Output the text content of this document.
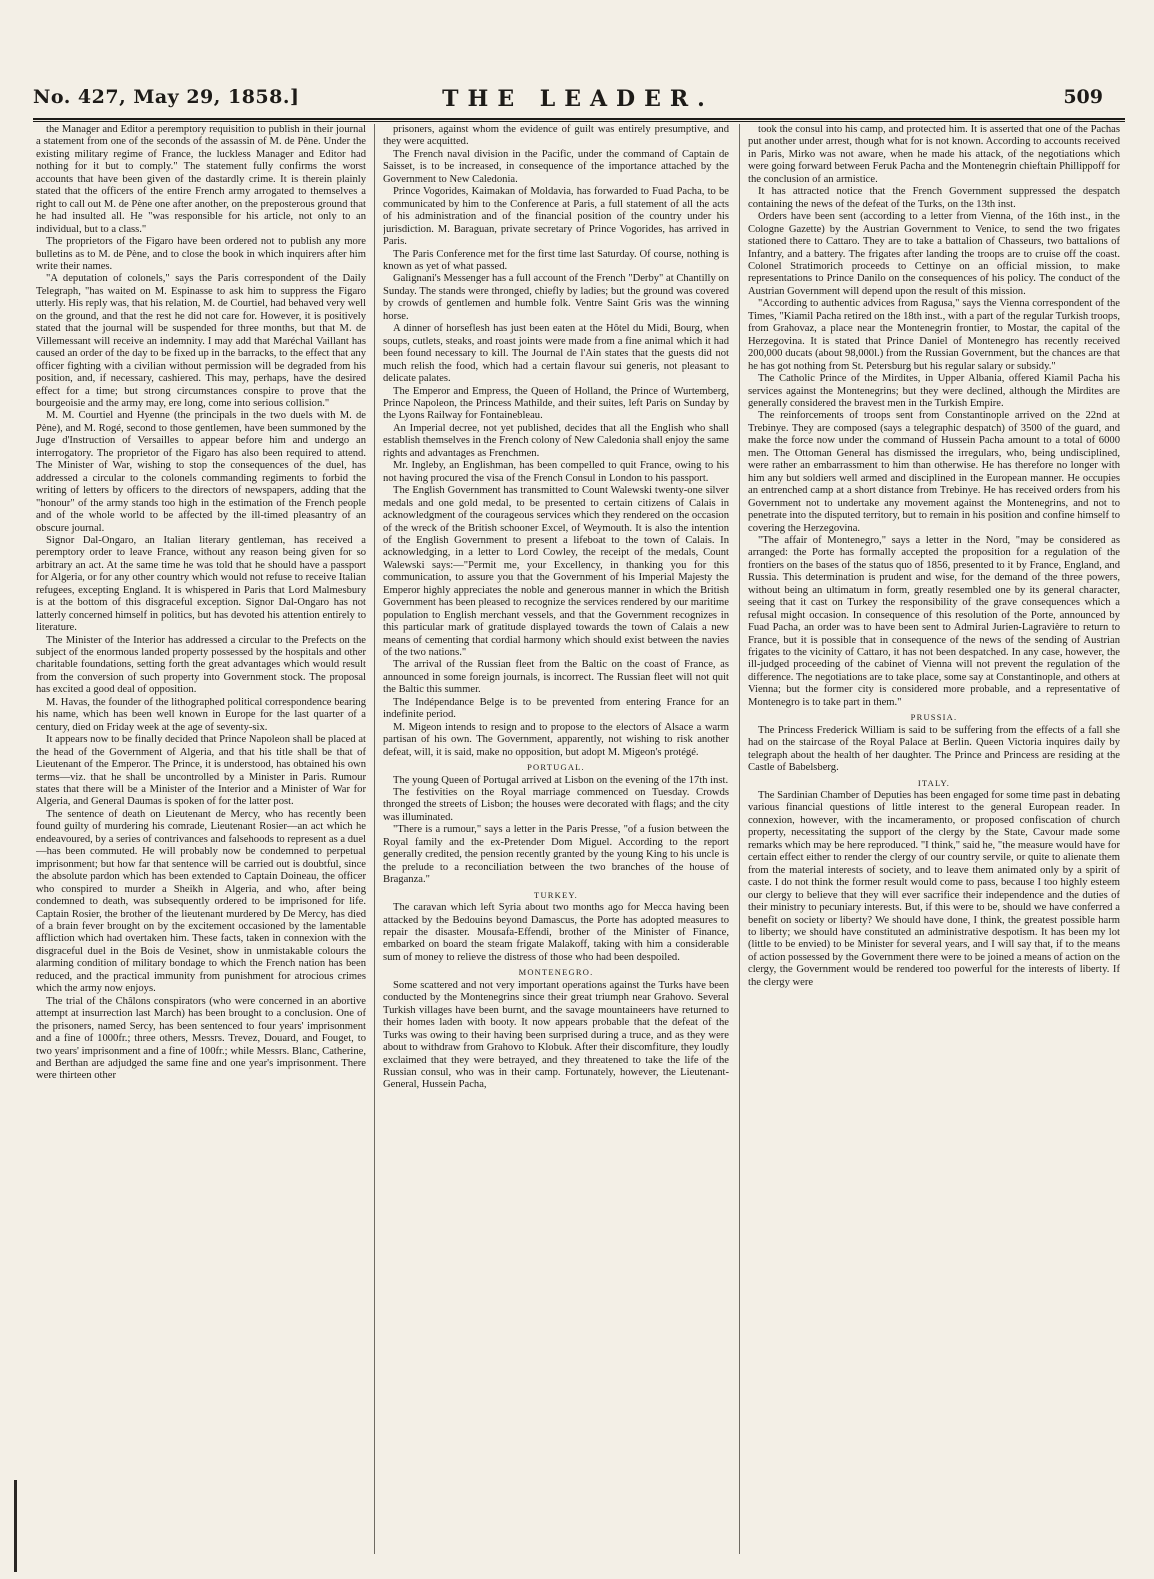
No. 427, May 29, 1858.]	THE LEADER.	509

the Manager and Editor a peremptory requisition to publish in their journal a statement from one of the seconds of the assassin of M. de Pène. Under the existing military regime of France, the luckless Manager and Editor had nothing for it but to comply." The statement fully confirms the worst accounts that have been given of the dastardly crime. It is therein plainly stated that the officers of the entire French army arrogated to themselves a right to call out M. de Pène one after another, on the preposterous ground that he had insulted all. He "was responsible for his article, not only to an individual, but to a class."

The proprietors of the Figaro have been ordered not to publish any more bulletins as to M. de Pène, and to close the book in which inquirers after him write their names.

"A deputation of colonels," says the Paris correspondent of the Daily Telegraph, "has waited on M. Espinasse to ask him to suppress the Figaro utterly. His reply was, that his relation, M. de Courtiel, had behaved very well on the ground, and that the rest he did not care for. However, it is positively stated that the journal will be suspended for three months, but that M. de Villemessant will receive an indemnity. I may add that Maréchal Vaillant has caused an order of the day to be fixed up in the barracks, to the effect that any officer fighting with a civilian without permission will be degraded from his position, and, if necessary, cashiered. This may, perhaps, have the desired effect for a time; but strong circumstances conspire to prove that the bourgeoisie and the army may, ere long, come into serious collision."

M. M. Courtiel and Hyenne (the principals in the two duels with M. de Pène), and M. Rogé, second to those gentlemen, have been summoned by the Juge d'Instruction of Versailles to appear before him and undergo an interrogatory. The proprietor of the Figaro has also been required to attend. The Minister of War, wishing to stop the consequences of the duel, has addressed a circular to the colonels commanding regiments to forbid the writing of letters by officers to the directors of newspapers, adding that the "honour" of the army stands too high in the estimation of the French people and of the whole world to be affected by the ill-timed pleasantry of an obscure journal.

Signor Dal-Ongaro, an Italian literary gentleman, has received a peremptory order to leave France, without any reason being given for so arbitrary an act. At the same time he was told that he should have a passport for Algeria, or for any other country which would not refuse to receive Italian refugees, excepting England. It is whispered in Paris that Lord Malmesbury is at the bottom of this disgraceful exception. Signor Dal-Ongaro has not latterly concerned himself in politics, but has devoted his attention entirely to literature.

The Minister of the Interior has addressed a circular to the Prefects on the subject of the enormous landed property possessed by the hospitals and other charitable foundations, setting forth the great advantages which would result from the conversion of such property into Government stock. The proposal has excited a good deal of opposition.

M. Havas, the founder of the lithographed political correspondence bearing his name, which has been well known in Europe for the last quarter of a century, died on Friday week at the age of seventy-six.

It appears now to be finally decided that Prince Napoleon shall be placed at the head of the Government of Algeria, and that his title shall be that of Lieutenant of the Emperor. The Prince, it is understood, has obtained his own terms—viz. that he shall be uncontrolled by a Minister in Paris. Rumour states that there will be a Minister of the Interior and a Minister of War for Algeria, and General Daumas is spoken of for the latter post.

The sentence of death on Lieutenant de Mercy, who has recently been found guilty of murdering his comrade, Lieutenant Rosier—an act which he endeavoured, by a series of contrivances and falsehoods to represent as a duel—has been commuted. He will probably now be condemned to perpetual imprisonment; but how far that sentence will be carried out is doubtful, since the absolute pardon which has been extended to Captain Doineau, the officer who conspired to murder a Sheikh in Algeria, and who, after being condemned to death, was subsequently ordered to be imprisoned for life. Captain Rosier, the brother of the lieutenant murdered by De Mercy, has died of a brain fever brought on by the excitement occasioned by the lamentable affliction which had overtaken him. These facts, taken in connexion with the disgraceful duel in the Bois de Vesinet, show in unmistakable colours the alarming condition of military bondage to which the French nation has been reduced, and the practical immunity from punishment for atrocious crimes which the army now enjoys.

The trial of the Châlons conspirators (who were concerned in an abortive attempt at insurrection last March) has been brought to a conclusion. One of the prisoners, named Sercy, has been sentenced to four years' imprisonment and a fine of 1000fr.; three others, Messrs. Trevez, Douard, and Fouget, to two years' imprisonment and a fine of 100fr.; while Messrs. Blanc, Catherine, and Berthan are adjudged the same fine and one year's imprisonment. There were thirteen other

prisoners, against whom the evidence of guilt was entirely presumptive, and they were acquitted.

The French naval division in the Pacific, under the command of Captain de Saisset, is to be increased, in consequence of the importance attached by the Government to New Caledonia.

Prince Vogorides, Kaimakan of Moldavia, has forwarded to Fuad Pacha, to be communicated by him to the Conference at Paris, a full statement of all the acts of his administration and of the financial position of the country under his jurisdiction. M. Baraguan, private secretary of Prince Vogorides, has arrived in Paris.

The Paris Conference met for the first time last Saturday. Of course, nothing is known as yet of what passed.

Galignani's Messenger has a full account of the French "Derby" at Chantilly on Sunday. The stands were thronged, chiefly by ladies; but the ground was covered by crowds of gentlemen and humble folk. Ventre Saint Gris was the winning horse.

A dinner of horseflesh has just been eaten at the Hôtel du Midi, Bourg, when soups, cutlets, steaks, and roast joints were made from a fine animal which it had been found necessary to kill. The Journal de l'Ain states that the guests did not much relish the food, which had a certain flavour sui generis, not pleasant to delicate palates.

The Emperor and Empress, the Queen of Holland, the Prince of Wurtemberg, Prince Napoleon, the Princess Mathilde, and their suites, left Paris on Sunday by the Lyons Railway for Fontainebleau.

An Imperial decree, not yet published, decides that all the English who shall establish themselves in the French colony of New Caledonia shall enjoy the same rights and advantages as Frenchmen.

Mr. Ingleby, an Englishman, has been compelled to quit France, owing to his not having procured the visa of the French Consul in London to his passport.

The English Government has transmitted to Count Walewski twenty-one silver medals and one gold medal, to be presented to certain citizens of Calais in acknowledgment of the courageous services which they rendered on the occasion of the wreck of the British schooner Excel, of Weymouth. It is also the intention of the English Government to present a lifeboat to the town of Calais. In acknowledging, in a letter to Lord Cowley, the receipt of the medals, Count Walewski says:—"Permit me, your Excellency, in thanking you for this communication, to assure you that the Government of his Imperial Majesty the Emperor highly appreciates the noble and generous manner in which the British Government has been pleased to recognize the services rendered by our maritime population to English merchant vessels, and that the Government recognizes in this particular mark of gratitude displayed towards the town of Calais a new means of cementing that cordial harmony which should exist between the navies of the two nations."

The arrival of the Russian fleet from the Baltic on the coast of France, as announced in some foreign journals, is incorrect. The Russian fleet will not quit the Baltic this summer.

The Indépendance Belge is to be prevented from entering France for an indefinite period.

M. Migeon intends to resign and to propose to the electors of Alsace a warm partisan of his own. The Government, apparently, not wishing to risk another defeat, will, it is said, make no opposition, but adopt M. Migeon's protégé.

PORTUGAL.

The young Queen of Portugal arrived at Lisbon on the evening of the 17th inst.

The festivities on the Royal marriage commenced on Tuesday. Crowds thronged the streets of Lisbon; the houses were decorated with flags; and the city was illuminated.

"There is a rumour," says a letter in the Paris Presse, "of a fusion between the Royal family and the ex-Pretender Dom Miguel. According to the report generally credited, the pension recently granted by the young King to his uncle is the prelude to a reconciliation between the two branches of the house of Braganza."

TURKEY.

The caravan which left Syria about two months ago for Mecca having been attacked by the Bedouins beyond Damascus, the Porte has adopted measures to repair the disaster. Mousafa-Effendi, brother of the Minister of Finance, embarked on board the steam frigate Malakoff, taking with him a considerable sum of money to relieve the distress of those who had been despoiled.

MONTENEGRO.

Some scattered and not very important operations against the Turks have been conducted by the Montenegrins since their great triumph near Grahovo. Several Turkish villages have been burnt, and the savage mountaineers have returned to their homes laden with booty. It now appears probable that the defeat of the Turks was owing to their having been surprised during a truce, and as they were about to withdraw from Grahovo to Klobuk. After their discomfiture, they loudly exclaimed that they were betrayed, and they threatened to take the life of the Russian consul, who was in their camp. Fortunately, however, the Lieutenant-General, Hussein Pacha,

took the consul into his camp, and protected him. It is asserted that one of the Pachas put another under arrest, though what for is not known. According to accounts received in Paris, Mirko was not aware, when he made his attack, of the negotiations which were going forward between Feruk Pacha and the Montenegrin chieftain Phillippoff for the conclusion of an armistice.

It has attracted notice that the French Government suppressed the despatch containing the news of the defeat of the Turks, on the 13th inst.

Orders have been sent (according to a letter from Vienna, of the 16th inst., in the Cologne Gazette) by the Austrian Government to Venice, to send the two frigates stationed there to Cattaro. They are to take a battalion of Chasseurs, two battalions of Infantry, and a battery. The frigates after landing the troops are to cruise off the coast. Colonel Stratimorich proceeds to Cettinye on an official mission, to make representations to Prince Danilo on the consequences of his policy. The conduct of the Austrian Government will depend upon the result of this mission.

"According to authentic advices from Ragusa," says the Vienna correspondent of the Times, "Kiamil Pacha retired on the 18th inst., with a part of the regular Turkish troops, from Grahovaz, a place near the Montenegrin frontier, to Mostar, the capital of the Herzegovina. It is stated that Prince Daniel of Montenegro has recently received 200,000 ducats (about 98,000l.) from the Russian Government, but the chances are that he has got nothing from St. Petersburg but his regular salary or subsidy."

The Catholic Prince of the Mirdites, in Upper Albania, offered Kiamil Pacha his services against the Montenegrins; but they were declined, although the Mirdites are generally considered the bravest men in the Turkish Empire.

The reinforcements of troops sent from Constantinople arrived on the 22nd at Trebinye. They are composed (says a telegraphic despatch) of 3500 of the guard, and make the force now under the command of Hussein Pacha amount to a total of 6000 men. The Ottoman General has dismissed the irregulars, who, being undisciplined, were rather an embarrassment to him than otherwise. He has therefore no longer with him any but soldiers well armed and disciplined in the European manner. He occupies an entrenched camp at a short distance from Trebinye. He has received orders from his Government not to undertake any movement against the Montenegrins, and not to penetrate into the disputed territory, but to remain in his position and confine himself to covering the Herzegovina.

"The affair of Montenegro," says a letter in the Nord, "may be considered as arranged: the Porte has formally accepted the proposition for a regulation of the frontiers on the bases of the status quo of 1856, presented to it by France, England, and Russia. This determination is prudent and wise, for the demand of the three powers, without being an ultimatum in form, greatly resembled one by its general character, seeing that it cast on Turkey the responsibility of the grave consequences which a refusal might occasion. In consequence of this resolution of the Porte, announced by Fuad Pacha, an order was to have been sent to Admiral Jurien-Lagravière to return to France, but it is possible that in consequence of the news of the sending of Austrian frigates to the vicinity of Cattaro, it has not been despatched. In any case, however, the ill-judged proceeding of the cabinet of Vienna will not prevent the regulation of the difference. The negotiations are to take place, some say at Constantinople, and others at Vienna; but the former city is considered more probable, and a representative of Montenegro is to take part in them."

PRUSSIA.

The Princess Frederick William is said to be suffering from the effects of a fall she had on the staircase of the Royal Palace at Berlin. Queen Victoria inquires daily by telegraph about the health of her daughter. The Prince and Princess are residing at the Castle of Babelsberg.

ITALY.

The Sardinian Chamber of Deputies has been engaged for some time past in debating various financial questions of little interest to the general European reader. In connexion, however, with the incameramento, or proposed confiscation of church property, necessitating the support of the clergy by the State, Cavour made some remarks which may be here reproduced. "I think," said he, "the measure would have for certain effect either to render the clergy of our country servile, or quite to alienate them from the material interests of society, and to leave them animated only by a spirit of caste. I do not think the former result would come to pass, because I too highly esteem our clergy to believe that they will ever sacrifice their independence and the duties of their ministry to pecuniary interests. But, if this were to be, should we have conferred a benefit on society or liberty? We should have done, I think, the greatest possible harm to liberty; we should have constituted an administrative despotism. It has been my lot (little to be envied) to be Minister for several years, and I will say that, if to the means of action possessed by the Government there were to be joined a means of action on the clergy, the Government would be rendered too powerful for the interests of liberty. If the clergy were
